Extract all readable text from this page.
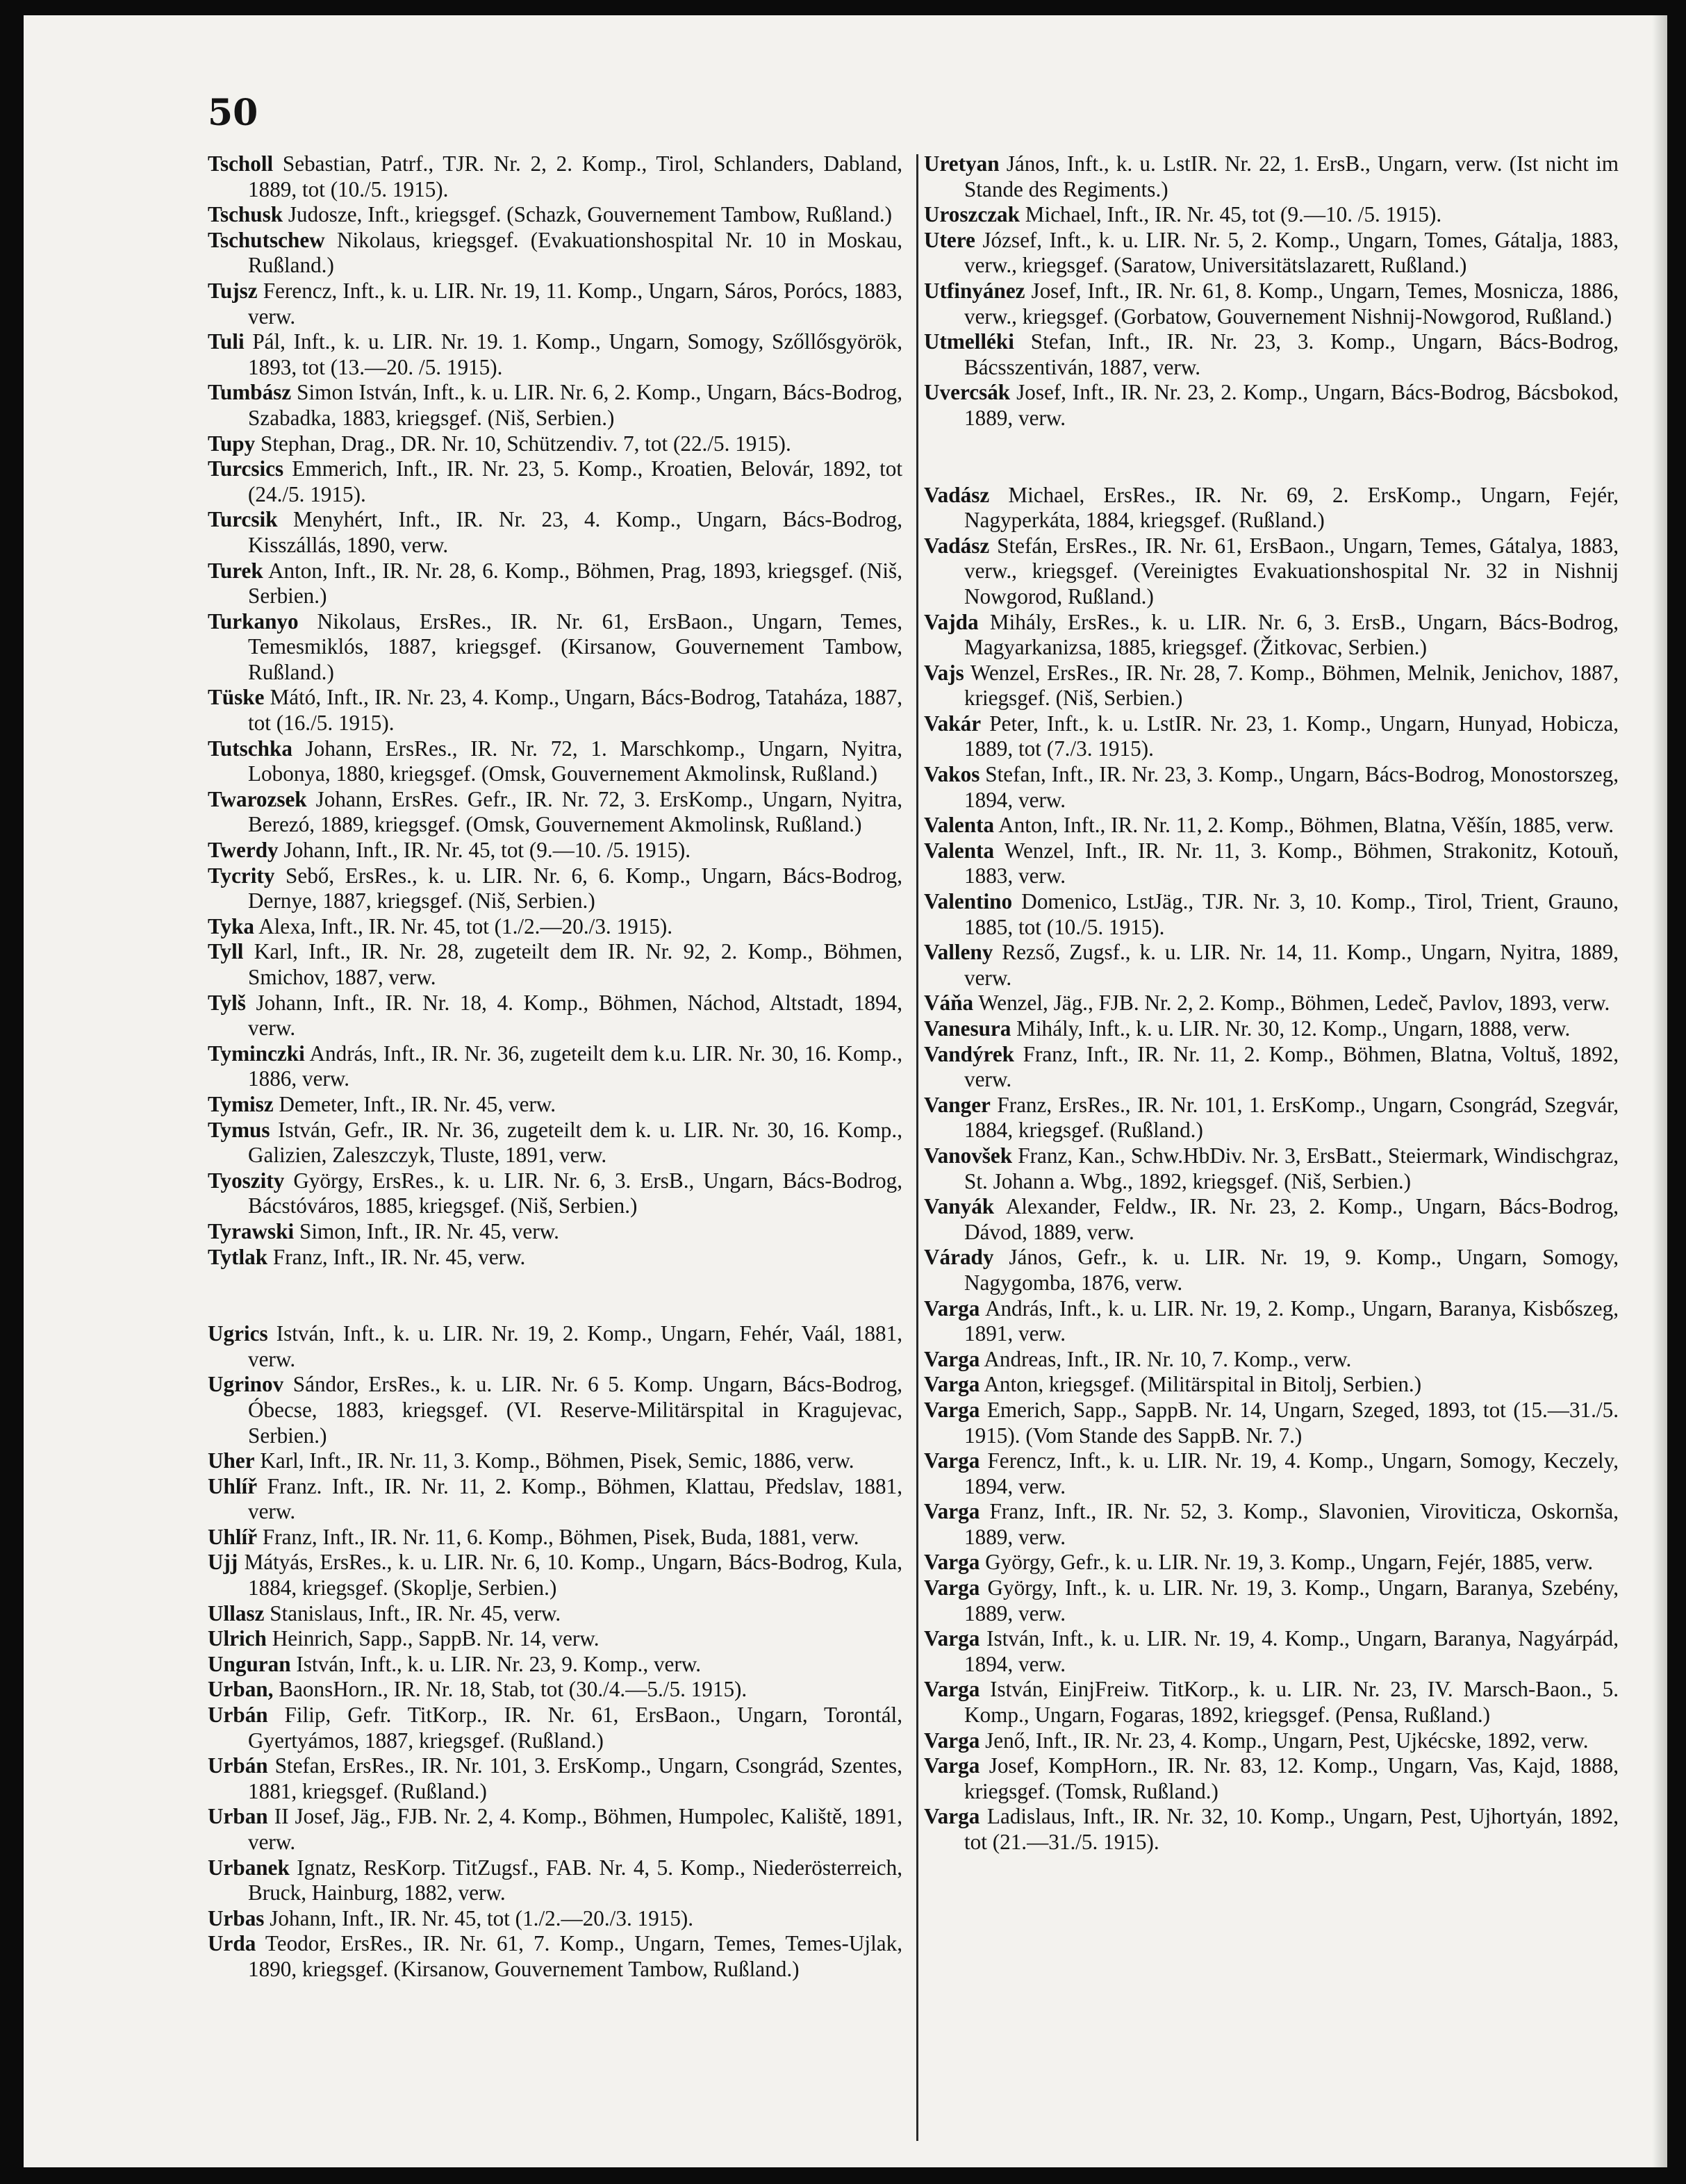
50

Tscholl Sebastian, Patrf., TJR. Nr. 2, 2. Komp., Tirol, Schlanders, Dabland, 1889, tot (10./5. 1915).

Tschusk Judosze, Inft., kriegsgef. (Schazk, Gouvernement Tambow, Rußland.)

Tschutschew Nikolaus, kriegsgef. (Evakuationshospital Nr. 10 in Moskau, Rußland.)

Tujsz Ferencz, Inft., k. u. LIR. Nr. 19, 11. Komp., Ungarn, Sáros, Porócs, 1883, verw.

Tuli Pál, Inft., k. u. LIR. Nr. 19. 1. Komp., Ungarn, Somogy, Szőllősgyörök, 1893, tot (13.—20. /5. 1915).

Tumbász Simon István, Inft., k. u. LIR. Nr. 6, 2. Komp., Ungarn, Bács-Bodrog, Szabadka, 1883, kriegsgef. (Niš, Serbien.)

Tupy Stephan, Drag., DR. Nr. 10, Schützendiv. 7, tot (22./5. 1915).

Turcsics Emmerich, Inft., IR. Nr. 23, 5. Komp., Kroatien, Belovár, 1892, tot (24./5. 1915).

Turcsik Menyhért, Inft., IR. Nr. 23, 4. Komp., Ungarn, Bács-Bodrog, Kisszállás, 1890, verw.

Turek Anton, Inft., IR. Nr. 28, 6. Komp., Böhmen, Prag, 1893, kriegsgef. (Niš, Serbien.)

Turkanyo Nikolaus, ErsRes., IR. Nr. 61, ErsBaon., Ungarn, Temes, Temesmiklós, 1887, kriegsgef. (Kirsanow, Gouvernement Tambow, Rußland.)

Tüske Mátó, Inft., IR. Nr. 23, 4. Komp., Ungarn, Bács-Bodrog, Tataháza, 1887, tot (16./5. 1915).

Tutschka Johann, ErsRes., IR. Nr. 72, 1. Marschkomp., Ungarn, Nyitra, Lobonya, 1880, kriegsgef. (Omsk, Gouvernement Akmolinsk, Rußland.)

Twarozsek Johann, ErsRes. Gefr., IR. Nr. 72, 3. ErsKomp., Ungarn, Nyitra, Berezó, 1889, kriegsgef. (Omsk, Gouvernement Akmolinsk, Rußland.)

Twerdy Johann, Inft., IR. Nr. 45, tot (9.—10. /5. 1915).

Tycrity Sebő, ErsRes., k. u. LIR. Nr. 6, 6. Komp., Ungarn, Bács-Bodrog, Dernye, 1887, kriegsgef. (Niš, Serbien.)

Tyka Alexa, Inft., IR. Nr. 45, tot (1./2.—20./3. 1915).

Tyll Karl, Inft., IR. Nr. 28, zugeteilt dem IR. Nr. 92, 2. Komp., Böhmen, Smichov, 1887, verw.

Tylš Johann, Inft., IR. Nr. 18, 4. Komp., Böhmen, Náchod, Altstadt, 1894, verw.

Tyminczki András, Inft., IR. Nr. 36, zugeteilt dem k.u. LIR. Nr. 30, 16. Komp., 1886, verw.

Tymisz Demeter, Inft., IR. Nr. 45, verw.

Tymus István, Gefr., IR. Nr. 36, zugeteilt dem k. u. LIR. Nr. 30, 16. Komp., Galizien, Zaleszczyk, Tluste, 1891, verw.

Tyoszity György, ErsRes., k. u. LIR. Nr. 6, 3. ErsB., Ungarn, Bács-Bodrog, Bácstóváros, 1885, kriegsgef. (Niš, Serbien.)

Tyrawski Simon, Inft., IR. Nr. 45, verw.

Tytlak Franz, Inft., IR. Nr. 45, verw.

Ugrics István, Inft., k. u. LIR. Nr. 19, 2. Komp., Ungarn, Fehér, Vaál, 1881, verw.

Ugrinov Sándor, ErsRes., k. u. LIR. Nr. 6 5. Komp. Ungarn, Bács-Bodrog, Óbecse, 1883, kriegsgef. (VI. Reserve-Militärspital in Kragujevac, Serbien.)

Uher Karl, Inft., IR. Nr. 11, 3. Komp., Böhmen, Pisek, Semic, 1886, verw.

Uhlíř Franz. Inft., IR. Nr. 11, 2. Komp., Böhmen, Klattau, Předslav, 1881, verw.

Uhlíř Franz, Inft., IR. Nr. 11, 6. Komp., Böhmen, Pisek, Buda, 1881, verw.

Ujj Mátyás, ErsRes., k. u. LIR. Nr. 6, 10. Komp., Ungarn, Bács-Bodrog, Kula, 1884, kriegsgef. (Skoplje, Serbien.)

Ullasz Stanislaus, Inft., IR. Nr. 45, verw.

Ulrich Heinrich, Sapp., SappB. Nr. 14, verw.

Unguran István, Inft., k. u. LIR. Nr. 23, 9. Komp., verw.

Urban, BaonsHorn., IR. Nr. 18, Stab, tot (30./4.—5./5. 1915).

Urbán Filip, Gefr. TitKorp., IR. Nr. 61, ErsBaon., Ungarn, Torontál, Gyertyámos, 1887, kriegsgef. (Rußland.)

Urbán Stefan, ErsRes., IR. Nr. 101, 3. ErsKomp., Ungarn, Csongrád, Szentes, 1881, kriegsgef. (Rußland.)

Urban II Josef, Jäg., FJB. Nr. 2, 4. Komp., Böhmen, Humpolec, Kaliště, 1891, verw.

Urbanek Ignatz, ResKorp. TitZugsf., FAB. Nr. 4, 5. Komp., Niederösterreich, Bruck, Hainburg, 1882, verw.

Urbas Johann, Inft., IR. Nr. 45, tot (1./2.—20./3. 1915).

Urda Teodor, ErsRes., IR. Nr. 61, 7. Komp., Ungarn, Temes, Temes-Ujlak, 1890, kriegsgef. (Kirsanow, Gouvernement Tambow, Rußland.)

Uretyan János, Inft., k. u. LstIR. Nr. 22, 1. ErsB., Ungarn, verw. (Ist nicht im Stande des Regiments.)

Uroszczak Michael, Inft., IR. Nr. 45, tot (9.—10. /5. 1915).

Utere József, Inft., k. u. LIR. Nr. 5, 2. Komp., Ungarn, Tomes, Gátalja, 1883, verw., kriegsgef. (Saratow, Universitätslazarett, Rußland.)

Utfinyánez Josef, Inft., IR. Nr. 61, 8. Komp., Ungarn, Temes, Mosnicza, 1886, verw., kriegsgef. (Gorbatow, Gouvernement Nishnij-Nowgorod, Rußland.)

Utmelléki Stefan, Inft., IR. Nr. 23, 3. Komp., Ungarn, Bács-Bodrog, Bácsszentiván, 1887, verw.

Uvercsák Josef, Inft., IR. Nr. 23, 2. Komp., Ungarn, Bács-Bodrog, Bácsbokod, 1889, verw.

Vadász Michael, ErsRes., IR. Nr. 69, 2. ErsKomp., Ungarn, Fejér, Nagyperkáta, 1884, kriegsgef. (Rußland.)

Vadász Stefán, ErsRes., IR. Nr. 61, ErsBaon., Ungarn, Temes, Gátalya, 1883, verw., kriegsgef. (Vereinigtes Evakuationshospital Nr. 32 in Nishnij Nowgorod, Rußland.)

Vajda Mihály, ErsRes., k. u. LIR. Nr. 6, 3. ErsB., Ungarn, Bács-Bodrog, Magyarkanizsa, 1885, kriegsgef. (Žitkovac, Serbien.)

Vajs Wenzel, ErsRes., IR. Nr. 28, 7. Komp., Böhmen, Melnik, Jenichov, 1887, kriegsgef. (Niš, Serbien.)

Vakár Peter, Inft., k. u. LstIR. Nr. 23, 1. Komp., Ungarn, Hunyad, Hobicza, 1889, tot (7./3. 1915).

Vakos Stefan, Inft., IR. Nr. 23, 3. Komp., Ungarn, Bács-Bodrog, Monostorszeg, 1894, verw.

Valenta Anton, Inft., IR. Nr. 11, 2. Komp., Böhmen, Blatna, Věšín, 1885, verw.

Valenta Wenzel, Inft., IR. Nr. 11, 3. Komp., Böhmen, Strakonitz, Kotouň, 1883, verw.

Valentino Domenico, LstJäg., TJR. Nr. 3, 10. Komp., Tirol, Trient, Grauno, 1885, tot (10./5. 1915).

Valleny Rezső, Zugsf., k. u. LIR. Nr. 14, 11. Komp., Ungarn, Nyitra, 1889, verw.

Váňa Wenzel, Jäg., FJB. Nr. 2, 2. Komp., Böhmen, Ledeč, Pavlov, 1893, verw.

Vanesura Mihály, Inft., k. u. LIR. Nr. 30, 12. Komp., Ungarn, 1888, verw.

Vandýrek Franz, Inft., IR. Nr. 11, 2. Komp., Böhmen, Blatna, Voltuš, 1892, verw.

Vanger Franz, ErsRes., IR. Nr. 101, 1. ErsKomp., Ungarn, Csongrád, Szegvár, 1884, kriegsgef. (Rußland.)

Vanovšek Franz, Kan., Schw.HbDiv. Nr. 3, ErsBatt., Steiermark, Windischgraz, St. Johann a. Wbg., 1892, kriegsgef. (Niš, Serbien.)

Vanyák Alexander, Feldw., IR. Nr. 23, 2. Komp., Ungarn, Bács-Bodrog, Dávod, 1889, verw.

Várady János, Gefr., k. u. LIR. Nr. 19, 9. Komp., Ungarn, Somogy, Nagygomba, 1876, verw.

Varga András, Inft., k. u. LIR. Nr. 19, 2. Komp., Ungarn, Baranya, Kisbőszeg, 1891, verw.

Varga Andreas, Inft., IR. Nr. 10, 7. Komp., verw.

Varga Anton, kriegsgef. (Militärspital in Bitolj, Serbien.)

Varga Emerich, Sapp., SappB. Nr. 14, Ungarn, Szeged, 1893, tot (15.—31./5. 1915). (Vom Stande des SappB. Nr. 7.)

Varga Ferencz, Inft., k. u. LIR. Nr. 19, 4. Komp., Ungarn, Somogy, Keczely, 1894, verw.

Varga Franz, Inft., IR. Nr. 52, 3. Komp., Slavonien, Viroviticza, Oskornša, 1889, verw.

Varga György, Gefr., k. u. LIR. Nr. 19, 3. Komp., Ungarn, Fejér, 1885, verw.

Varga György, Inft., k. u. LIR. Nr. 19, 3. Komp., Ungarn, Baranya, Szebény, 1889, verw.

Varga István, Inft., k. u. LIR. Nr. 19, 4. Komp., Ungarn, Baranya, Nagyárpád, 1894, verw.

Varga István, EinjFreiw. TitKorp., k. u. LIR. Nr. 23, IV. Marsch-Baon., 5. Komp., Ungarn, Fogaras, 1892, kriegsgef. (Pensa, Rußland.)

Varga Jenő, Inft., IR. Nr. 23, 4. Komp., Ungarn, Pest, Ujkécske, 1892, verw.

Varga Josef, KompHorn., IR. Nr. 83, 12. Komp., Ungarn, Vas, Kajd, 1888, kriegsgef. (Tomsk, Rußland.)

Varga Ladislaus, Inft., IR. Nr. 32, 10. Komp., Ungarn, Pest, Ujhortyán, 1892, tot (21.—31./5. 1915).
